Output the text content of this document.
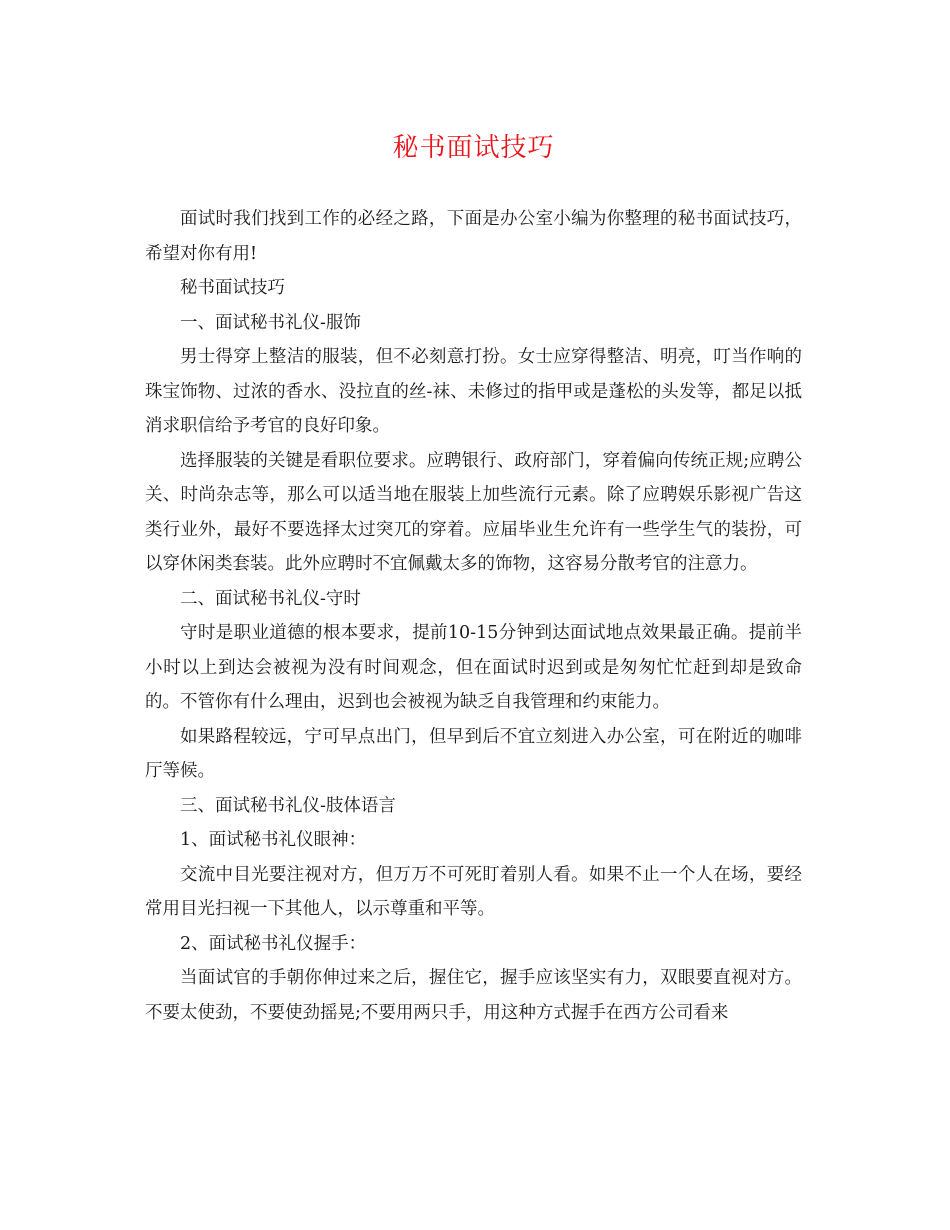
秘书面试技巧

面试时我们找到工作的必经之路，下面是办公室小编为你整理的秘书面试技巧，希望对你有用!

秘书面试技巧

一、面试秘书礼仪-服饰

男士得穿上整洁的服装，但不必刻意打扮。女士应穿得整洁、明亮，叮当作响的珠宝饰物、过浓的香水、没拉直的丝-袜、未修过的指甲或是蓬松的头发等，都足以抵消求职信给予考官的良好印象。

选择服装的关键是看职位要求。应聘银行、政府部门，穿着偏向传统正规;应聘公关、时尚杂志等，那么可以适当地在服装上加些流行元素。除了应聘娱乐影视广告这类行业外，最好不要选择太过突兀的穿着。应届毕业生允许有一些学生气的装扮，可以穿休闲类套装。此外应聘时不宜佩戴太多的饰物，这容易分散考官的注意力。

二、面试秘书礼仪-守时

守时是职业道德的根本要求，提前10-15分钟到达面试地点效果最正确。提前半小时以上到达会被视为没有时间观念，但在面试时迟到或是匆匆忙忙赶到却是致命的。不管你有什么理由，迟到也会被视为缺乏自我管理和约束能力。

如果路程较远，宁可早点出门，但早到后不宜立刻进入办公室，可在附近的咖啡厅等候。

三、面试秘书礼仪-肢体语言

1、面试秘书礼仪眼神：

交流中目光要注视对方，但万万不可死盯着别人看。如果不止一个人在场，要经常用目光扫视一下其他人，以示尊重和平等。

2、面试秘书礼仪握手：

当面试官的手朝你伸过来之后，握住它，握手应该坚实有力，双眼要直视对方。不要太使劲，不要使劲摇晃;不要用两只手，用这种方式握手在西方公司看来
